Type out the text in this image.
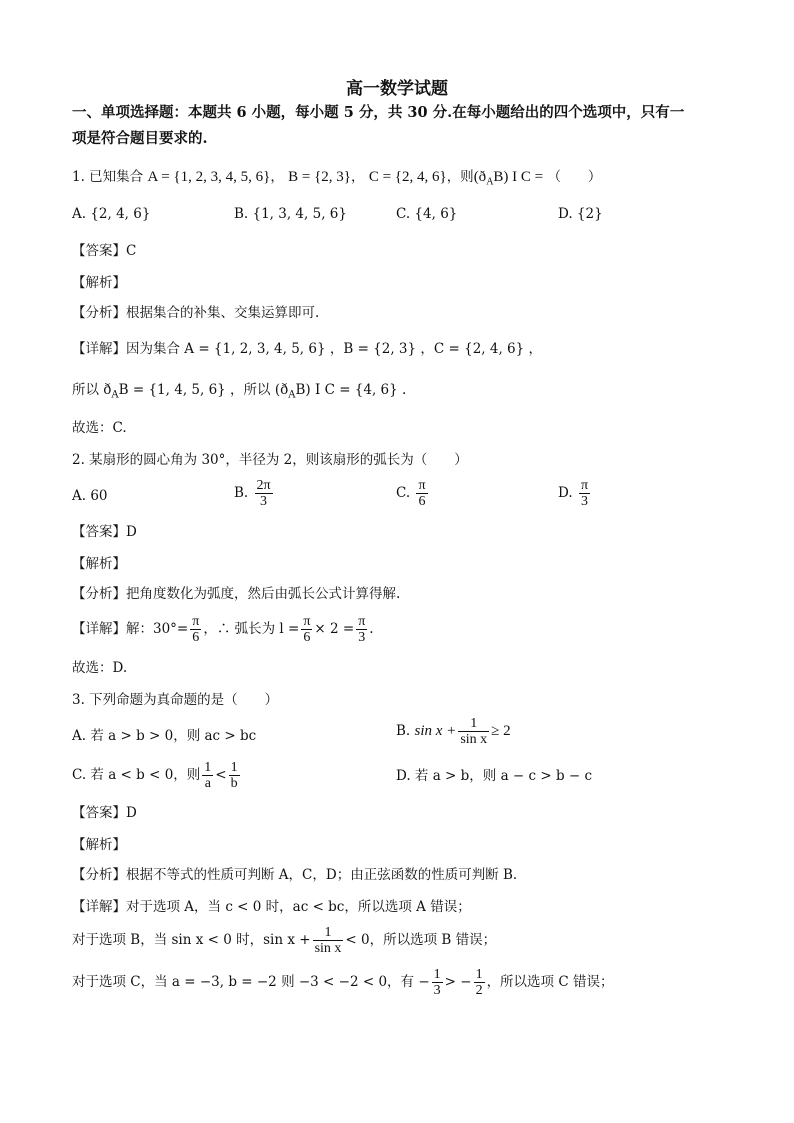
高一数学试题
一、单项选择题：本题共 6 小题，每小题 5 分，共 30 分.在每小题给出的四个选项中，只有一
项是符合题目要求的.
1. 已知集合 A = {1, 2, 3, 4, 5, 6}， B = {2, 3}， C = {2, 4, 6}，则$(ð_AB)$ I C = （　　）
A. {2, 4, 6}	B. {1, 3, 4, 5, 6}	C. {4, 6}	D. {2}
【答案】C
【解析】
【分析】根据集合的补集、交集运算即可.
【详解】因为集合 A = {1, 2, 3, 4, 5, 6} ，B = {2, 3} ，C = {2, 4, 6} ，
所以 $ð_AB = \{1$, 4, 5, 6} ，所以 $(ð_AB)$ I C = {4, 6} .
故选：C.
2. 某扇形的圆心角为 30°，半径为 2，则该扇形的弧长为（　　）
A. 60	B. $\frac{2\pi}{3}$	C. $\frac{\pi}{6}$	D. $\frac{\pi}{3}$
【答案】D
【解析】
【分析】把角度数化为弧度，然后由弧长公式计算得解.
【详解】解：$30^\circ= \frac{\pi}{6}$ ，∴ 弧长为 $l = \frac{\pi}{6} \times 2 = \frac{\pi}{3}$ .
故选：D.
3. 下列命题为真命题的是（　　）
A. 若 a > b > 0，则 ac > bc	B. $\sin x + \frac{1}{\text{sin x}} \ge 2$
C. 若 a < b < 0，则 $\frac{1}{a} < \frac{1}{b}$	D. 若 a > b，则 a − c > b − c
【答案】D
【解析】
【分析】根据不等式的性质可判断 A，C，D；由正弦函数的性质可判断 B.
【详解】对于选项 A，当 c < 0 时，ac < bc，所以选项 A 错误；
对于选项 B，当 sin x < 0 时，$\sin x + \frac{1}{\text{sin x}} < 0$，所以选项 B 错误；
对于选项 C，当 a = −3, b = −2 则 −3 < −2 < 0，有 − $\frac{1}{3}$ > − $\frac{1}{2}$ ，所以选项 C 错误；
